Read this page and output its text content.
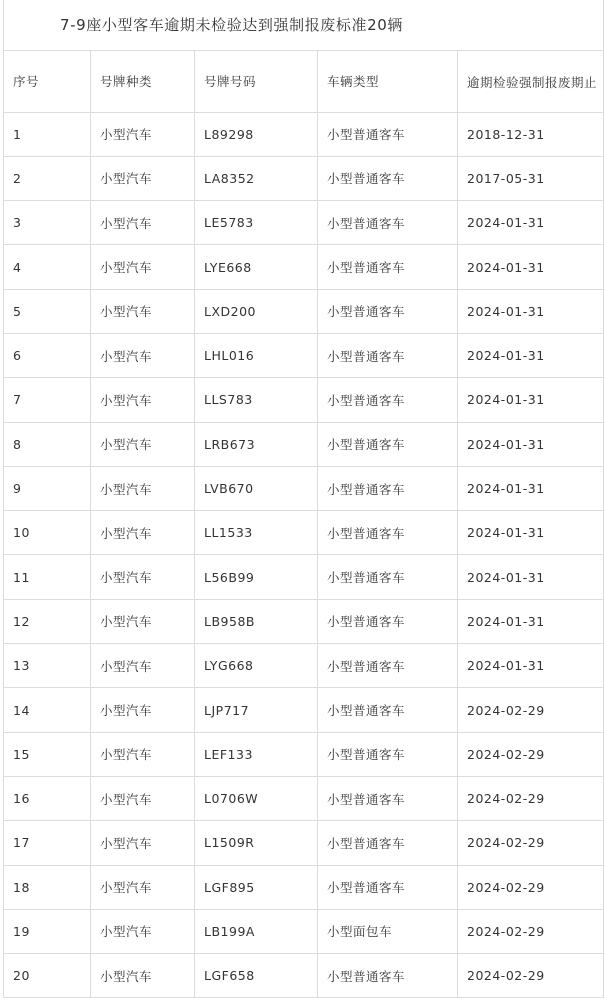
7-9座小型客车逾期未检验达到强制报废标准20辆				
序号	号牌种类	号牌号码	车辆类型	逾期检验强制报废期止
1	小型汽车	L89298	小型普通客车	2018-12-31
2	小型汽车	LA8352	小型普通客车	2017-05-31
3	小型汽车	LE5783	小型普通客车	2024-01-31
4	小型汽车	LYE668	小型普通客车	2024-01-31
5	小型汽车	LXD200	小型普通客车	2024-01-31
6	小型汽车	LHL016	小型普通客车	2024-01-31
7	小型汽车	LLS783	小型普通客车	2024-01-31
8	小型汽车	LRB673	小型普通客车	2024-01-31
9	小型汽车	LVB670	小型普通客车	2024-01-31
10	小型汽车	LL1533	小型普通客车	2024-01-31
11	小型汽车	L56B99	小型普通客车	2024-01-31
12	小型汽车	LB958B	小型普通客车	2024-01-31
13	小型汽车	LYG668	小型普通客车	2024-01-31
14	小型汽车	LJP717	小型普通客车	2024-02-29
15	小型汽车	LEF133	小型普通客车	2024-02-29
16	小型汽车	L0706W	小型普通客车	2024-02-29
17	小型汽车	L1509R	小型普通客车	2024-02-29
18	小型汽车	LGF895	小型普通客车	2024-02-29
19	小型汽车	LB199A	小型面包车	2024-02-29
20	小型汽车	LGF658	小型普通客车	2024-02-29
